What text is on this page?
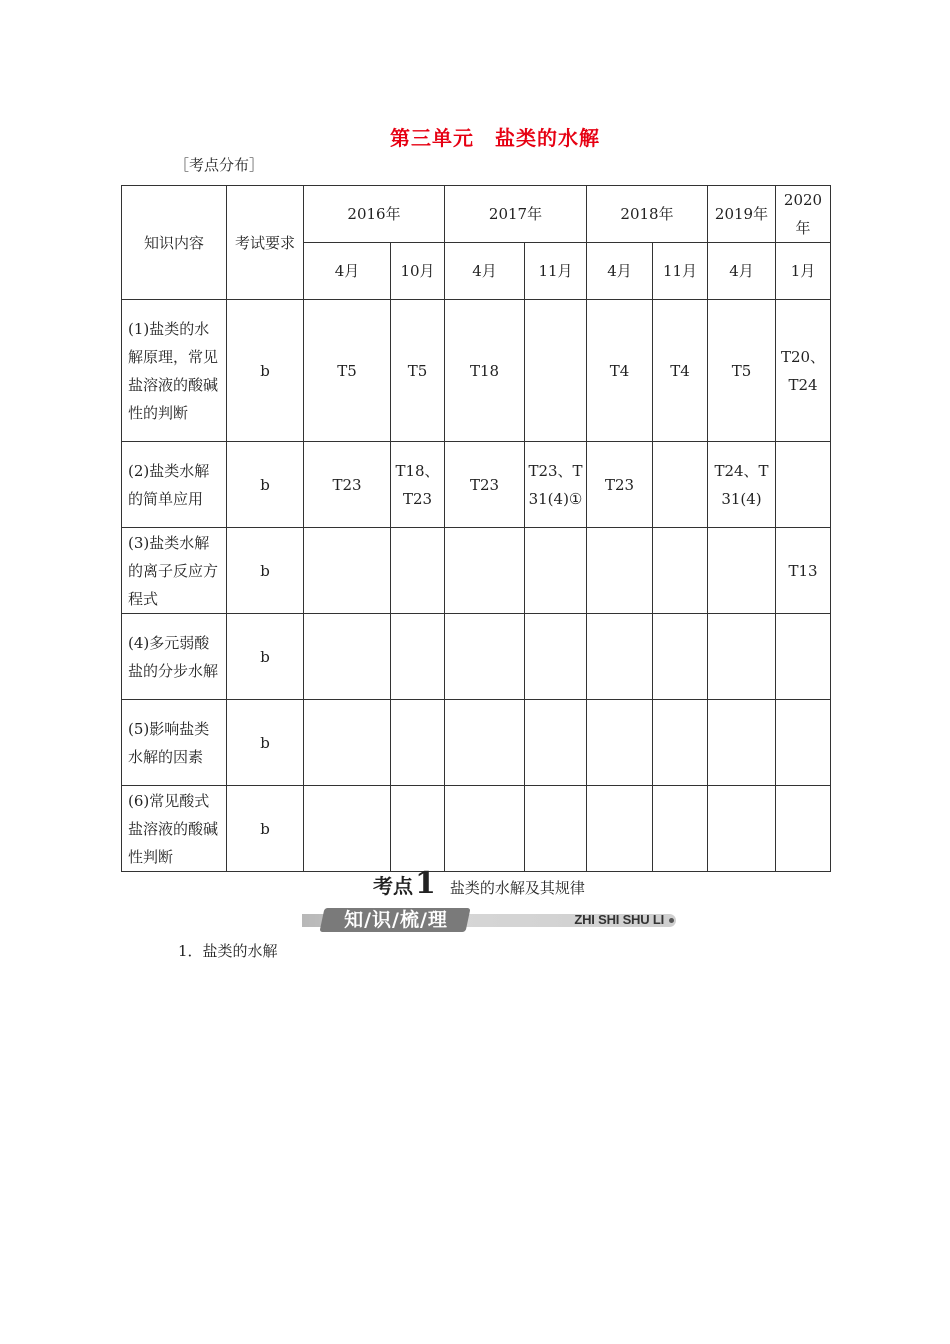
第三单元　盐类的水解
［考点分布］
知识内容	考试要求	2016年		2017年		2018年		2019年	2020年
		4月	10月	4月	11月	4月	11月	4月	1月
(1)盐类的水解原理，常见盐溶液的酸碱性的判断	b	T5	T5	T18		T4	T4	T5	T20、T24
(2)盐类水解的简单应用	b	T23	T18、T23	T23	T23、T31(4)①	T23		T24、T31(4)	
(3)盐类水解的离子反应方程式	b								T13
(4)多元弱酸盐的分步水解	b								
(5)影响盐类水解的因素	b								
(6)常见酸式盐溶液的酸碱性判断	b								
考点 1 盐类的水解及其规律
知/识/梳/理	ZHI SHI SHU LI
1．盐类的水解
